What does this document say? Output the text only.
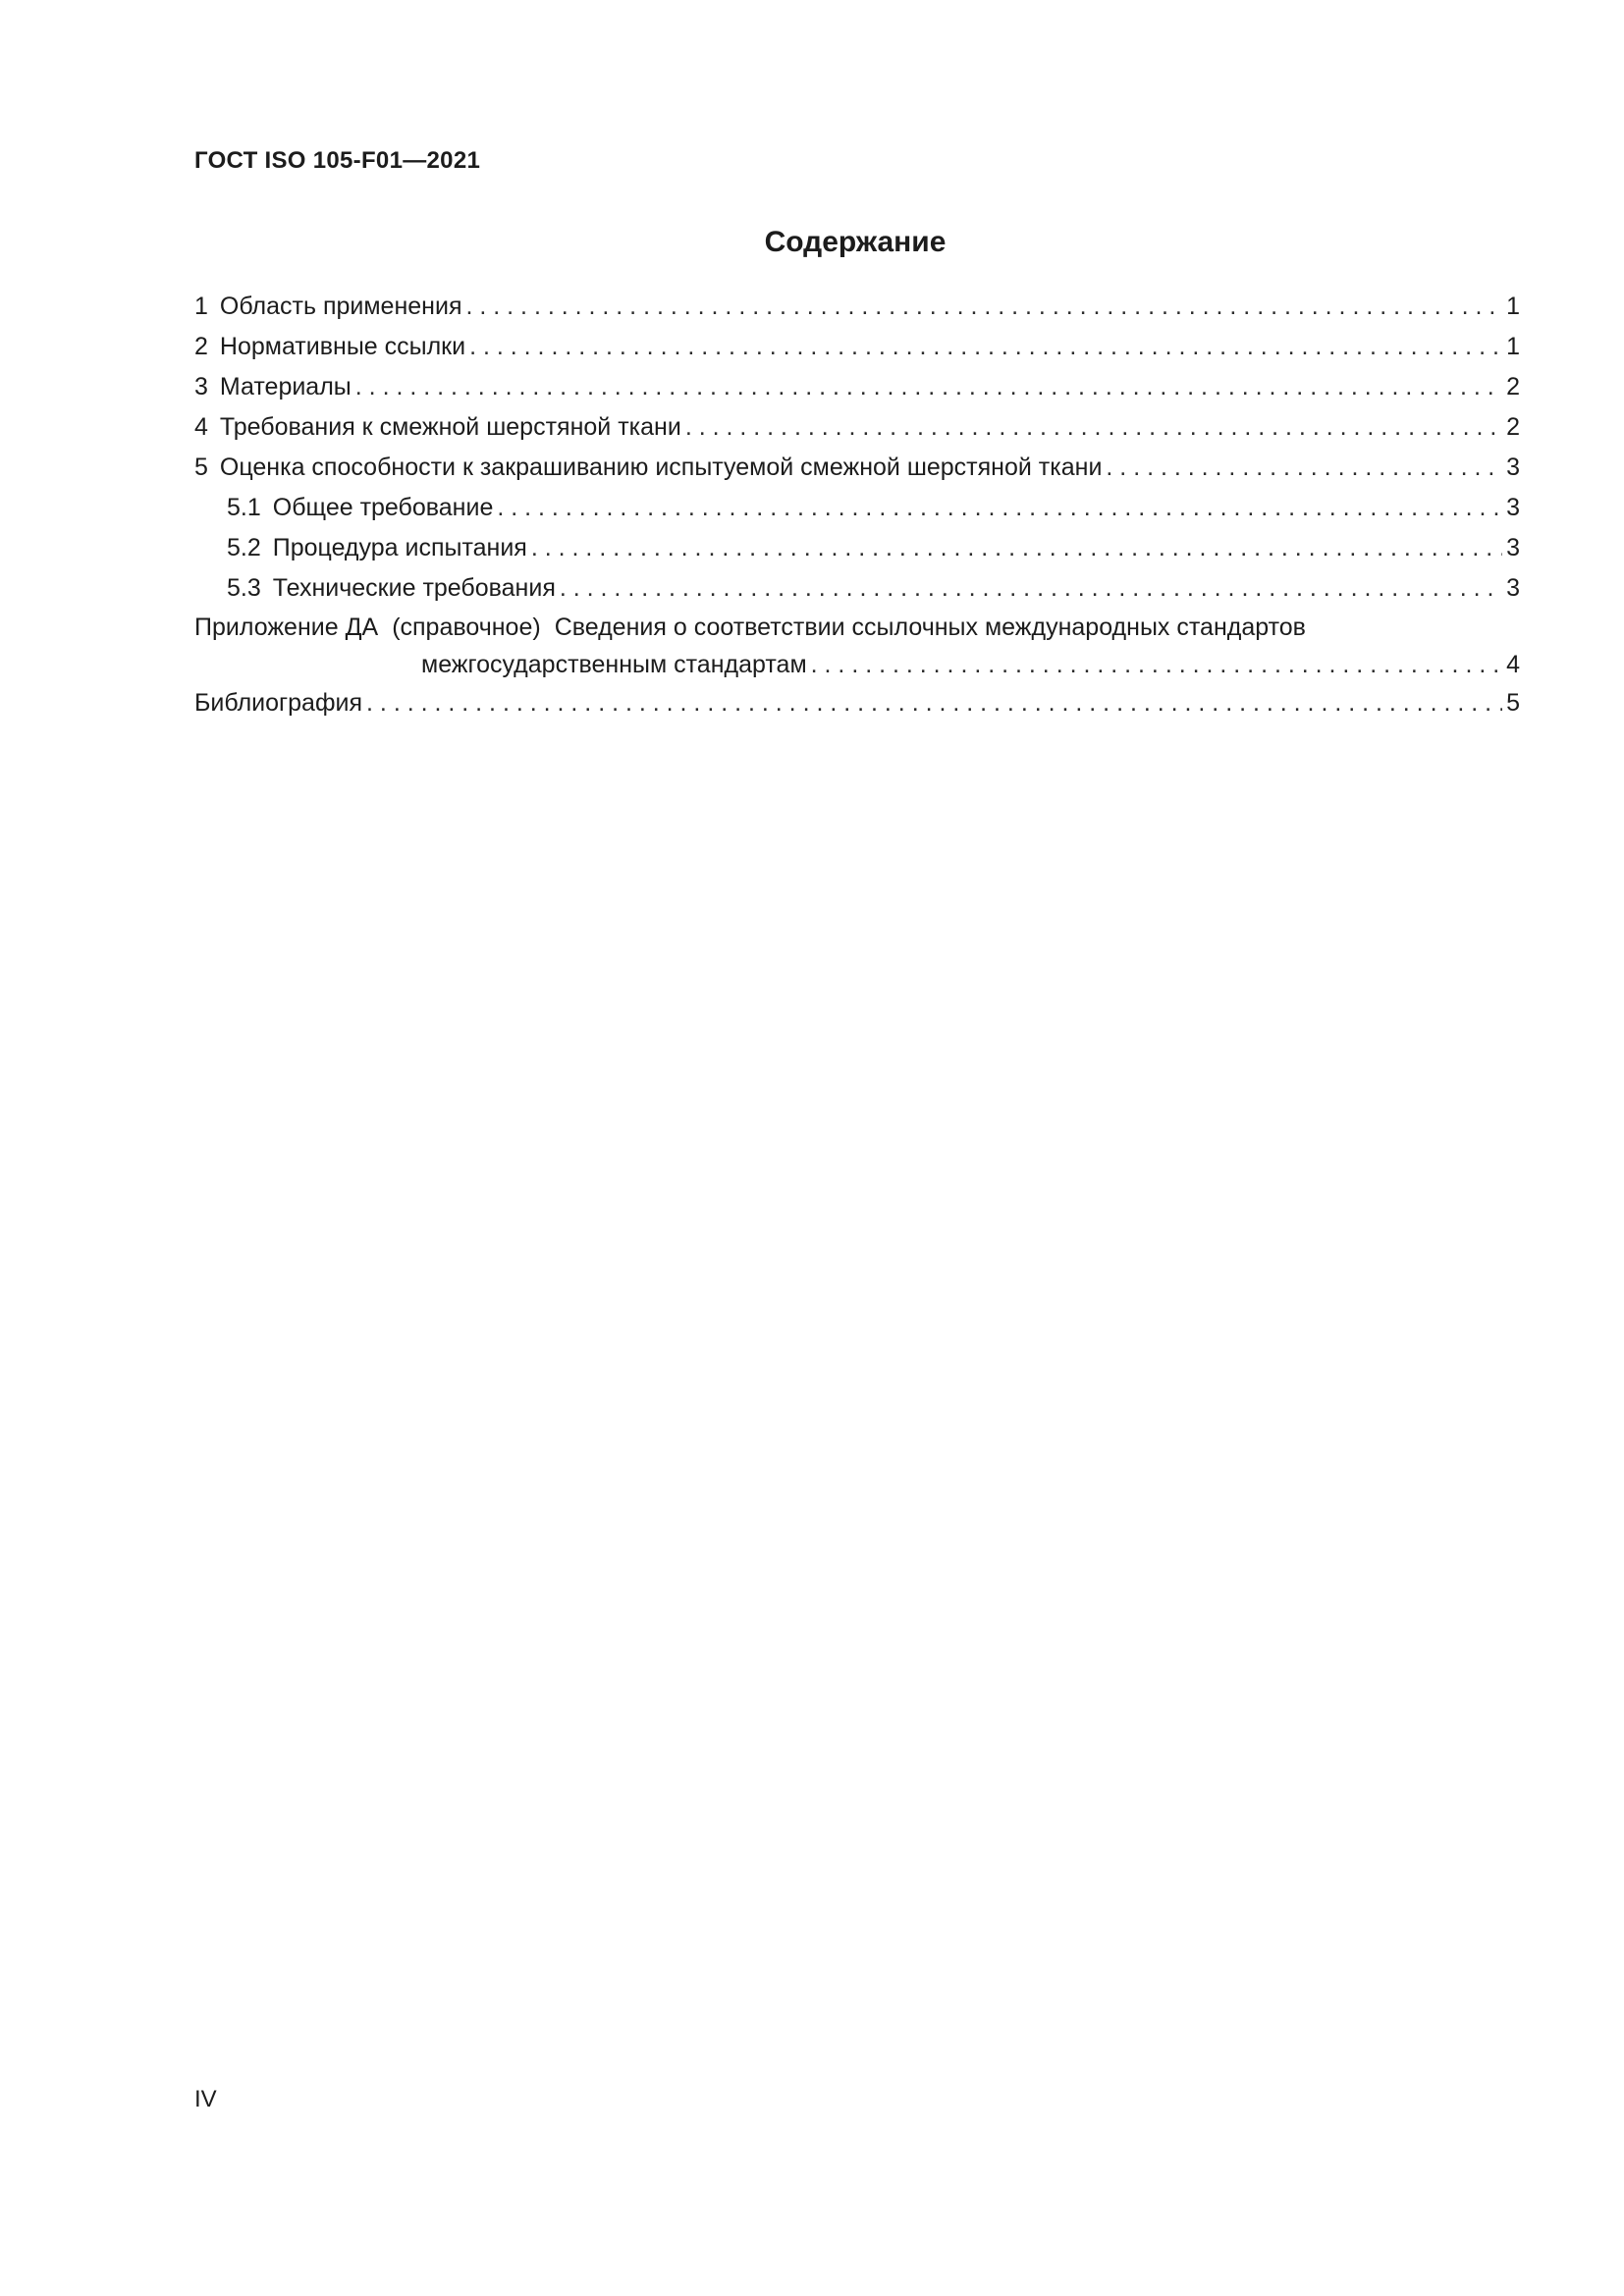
ГОСТ ISO 105-F01—2021
Содержание
1 Область применения . . .	1
2 Нормативные ссылки . . .	1
3 Материалы . . .	2
4 Требования к смежной шерстяной ткани . . .	2
5 Оценка способности к закрашиванию испытуемой смежной шерстяной ткани . . .	3
5.1 Общее требование . . .	3
5.2 Процедура испытания . . .	3
5.3 Технические требования . . .	3
Приложение ДА (справочное) Сведения о соответствии ссылочных международных стандартов
межгосударственным стандартам . . .	4
Библиография . . .	5
IV
